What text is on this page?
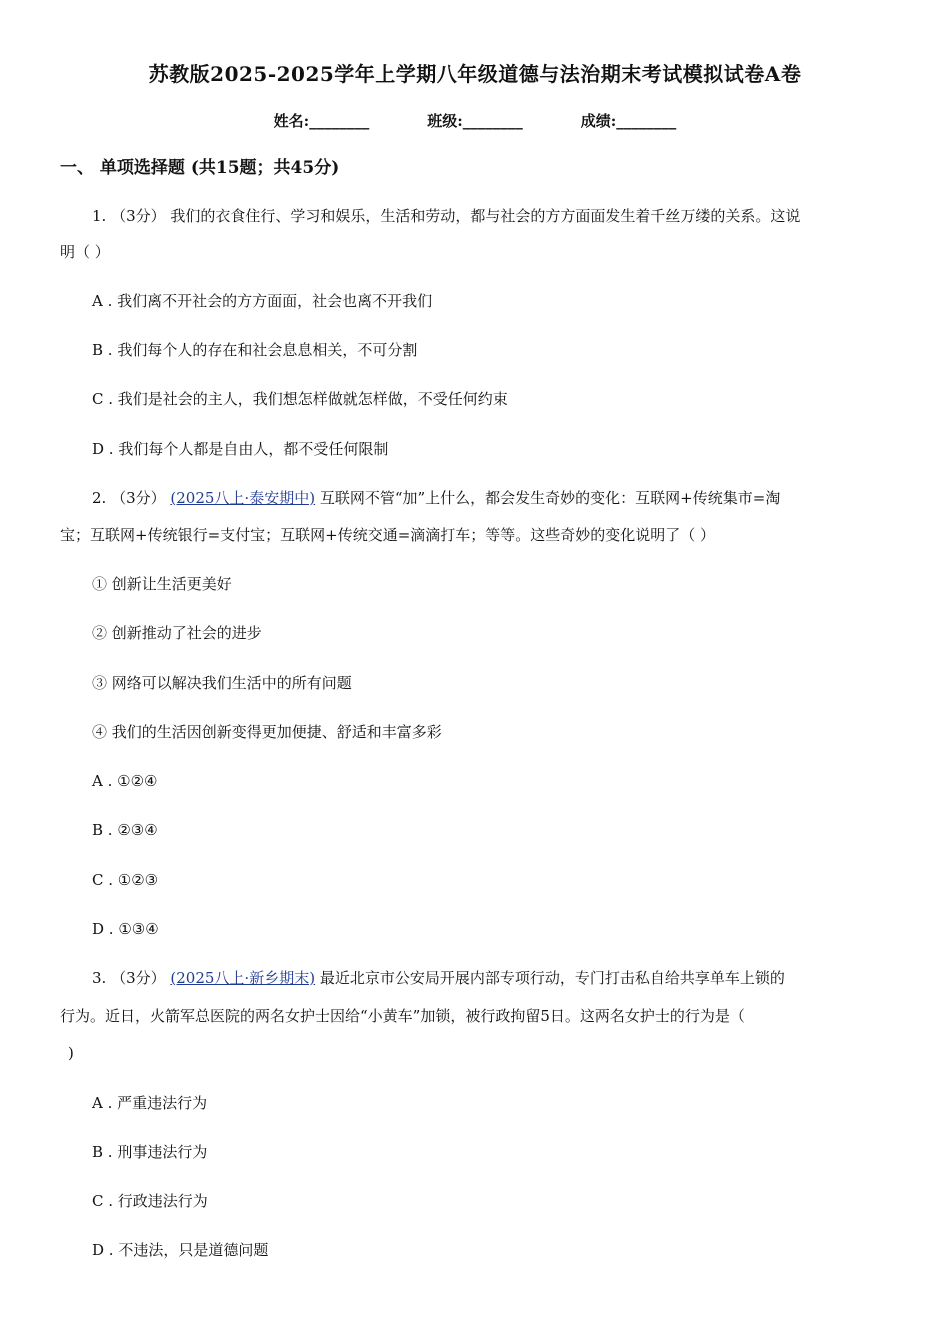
苏教版2025-2025学年上学期八年级道德与法治期末考试模拟试卷A卷
姓名:________	班级:________	成绩:________
一、 单项选择题 (共15题；共45分)
1. （3分） 我们的衣食住行、学习和娱乐，生活和劳动，都与社会的方方面面发生着千丝万缕的关系。这说
明（ ）
A . 我们离不开社会的方方面面，社会也离不开我们
B . 我们每个人的存在和社会息息相关，不可分割
C . 我们是社会的主人，我们想怎样做就怎样做，不受任何约束
D . 我们每个人都是自由人，都不受任何限制
2. （3分） (2025八上·泰安期中) 互联网不管“加”上什么，都会发生奇妙的变化：互联网+传统集市=淘
宝；互联网+传统银行=支付宝；互联网+传统交通=滴滴打车；等等。这些奇妙的变化说明了（ ）
① 创新让生活更美好
② 创新推动了社会的进步
③ 网络可以解决我们生活中的所有问题
④ 我们的生活因创新变得更加便捷、舒适和丰富多彩
A . ①②④
B . ②③④
C . ①②③
D . ①③④
3. （3分） (2025八上·新乡期末) 最近北京市公安局开展内部专项行动，专门打击私自给共享单车上锁的
行为。近日，火箭军总医院的两名女护士因给“小黄车”加锁，被行政拘留5日。这两名女护士的行为是（
)
A . 严重违法行为
B . 刑事违法行为
C . 行政违法行为
D . 不违法，只是道德问题
